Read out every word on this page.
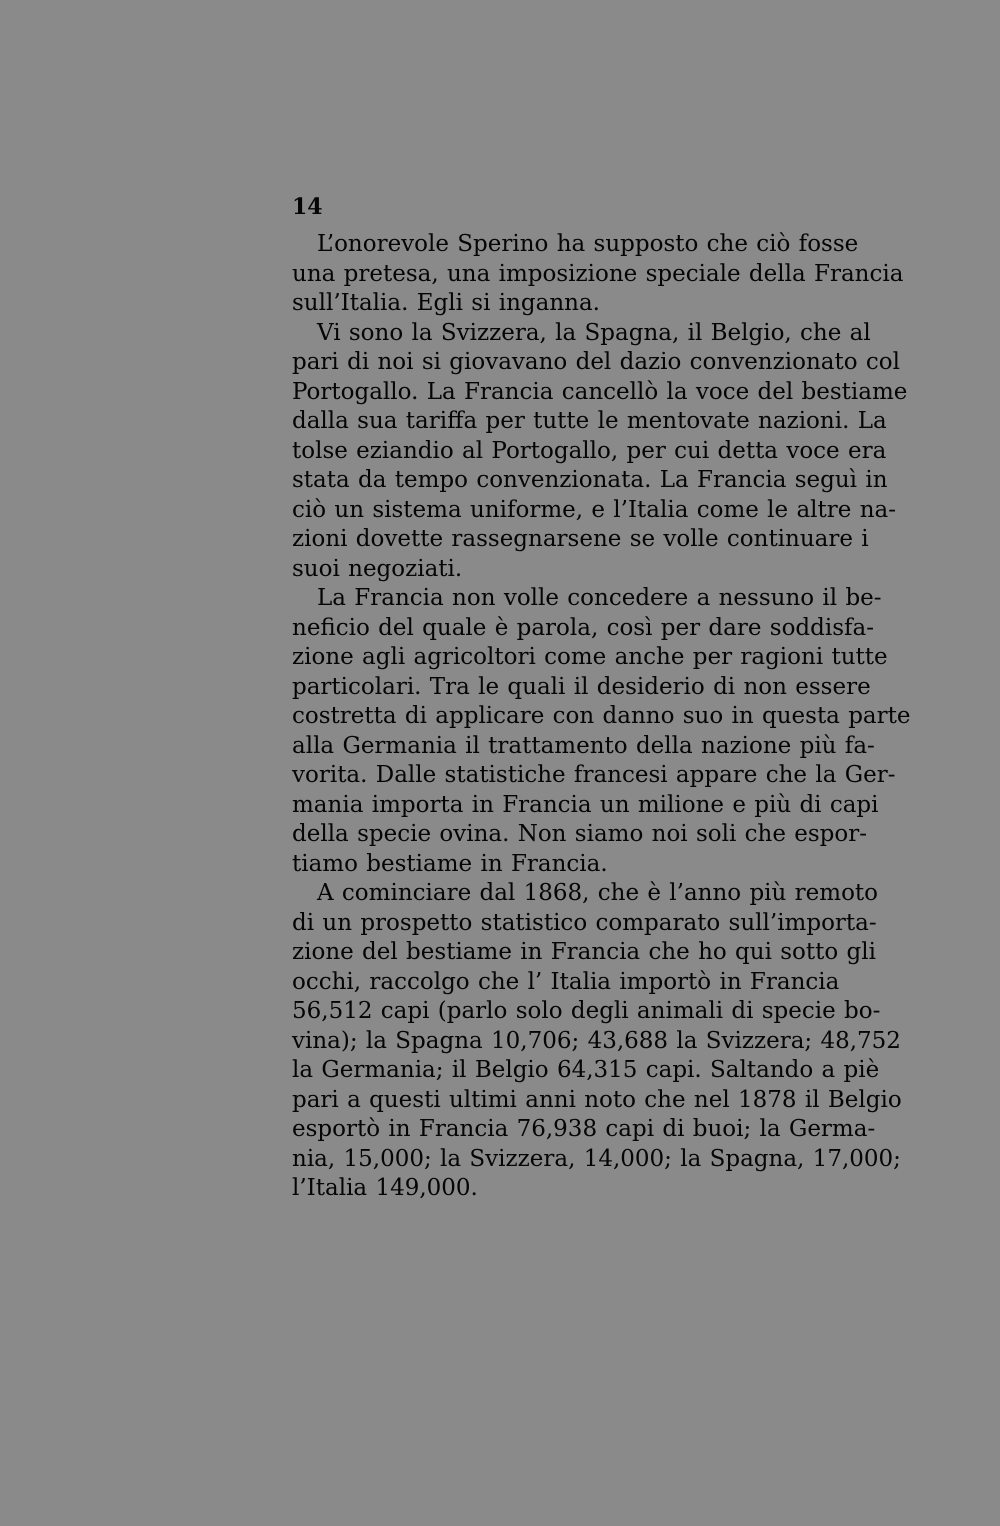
14
L’onorevole Sperino ha supposto che ciò fosse
una pretesa, una imposizione speciale della Francia
sull’Italia. Egli si inganna.
Vi sono la Svizzera, la Spagna, il Belgio, che al
pari di noi si giovavano del dazio convenzionato col
Portogallo. La Francia cancellò la voce del bestiame
dalla sua tariffa per tutte le mentovate nazioni. La
tolse eziandio al Portogallo, per cui detta voce era
stata da tempo convenzionata. La Francia seguì in
ciò un sistema uniforme, e l’Italia come le altre na-
zioni dovette rassegnarsene se volle continuare i
suoi negoziati.
La Francia non volle concedere a nessuno il be-
neficio del quale è parola, così per dare soddisfa-
zione agli agricoltori come anche per ragioni tutte
particolari. Tra le quali il desiderio di non essere
costretta di applicare con danno suo in questa parte
alla Germania il trattamento della nazione più fa-
vorita. Dalle statistiche francesi appare che la Ger-
mania importa in Francia un milione e più di capi
della specie ovina. Non siamo noi soli che espor-
tiamo bestiame in Francia.
A cominciare dal 1868, che è l’anno più remoto
di un prospetto statistico comparato sull’importa-
zione del bestiame in Francia che ho qui sotto gli
occhi, raccolgo che l’ Italia importò in Francia
56,512 capi (parlo solo degli animali di specie bo-
vina); la Spagna 10,706; 43,688 la Svizzera; 48,752
la Germania; il Belgio 64,315 capi. Saltando a piè
pari a questi ultimi anni noto che nel 1878 il Belgio
esportò in Francia 76,938 capi di buoi; la Germa-
nia, 15,000; la Svizzera, 14,000; la Spagna, 17,000;
l’Italia 149,000.
